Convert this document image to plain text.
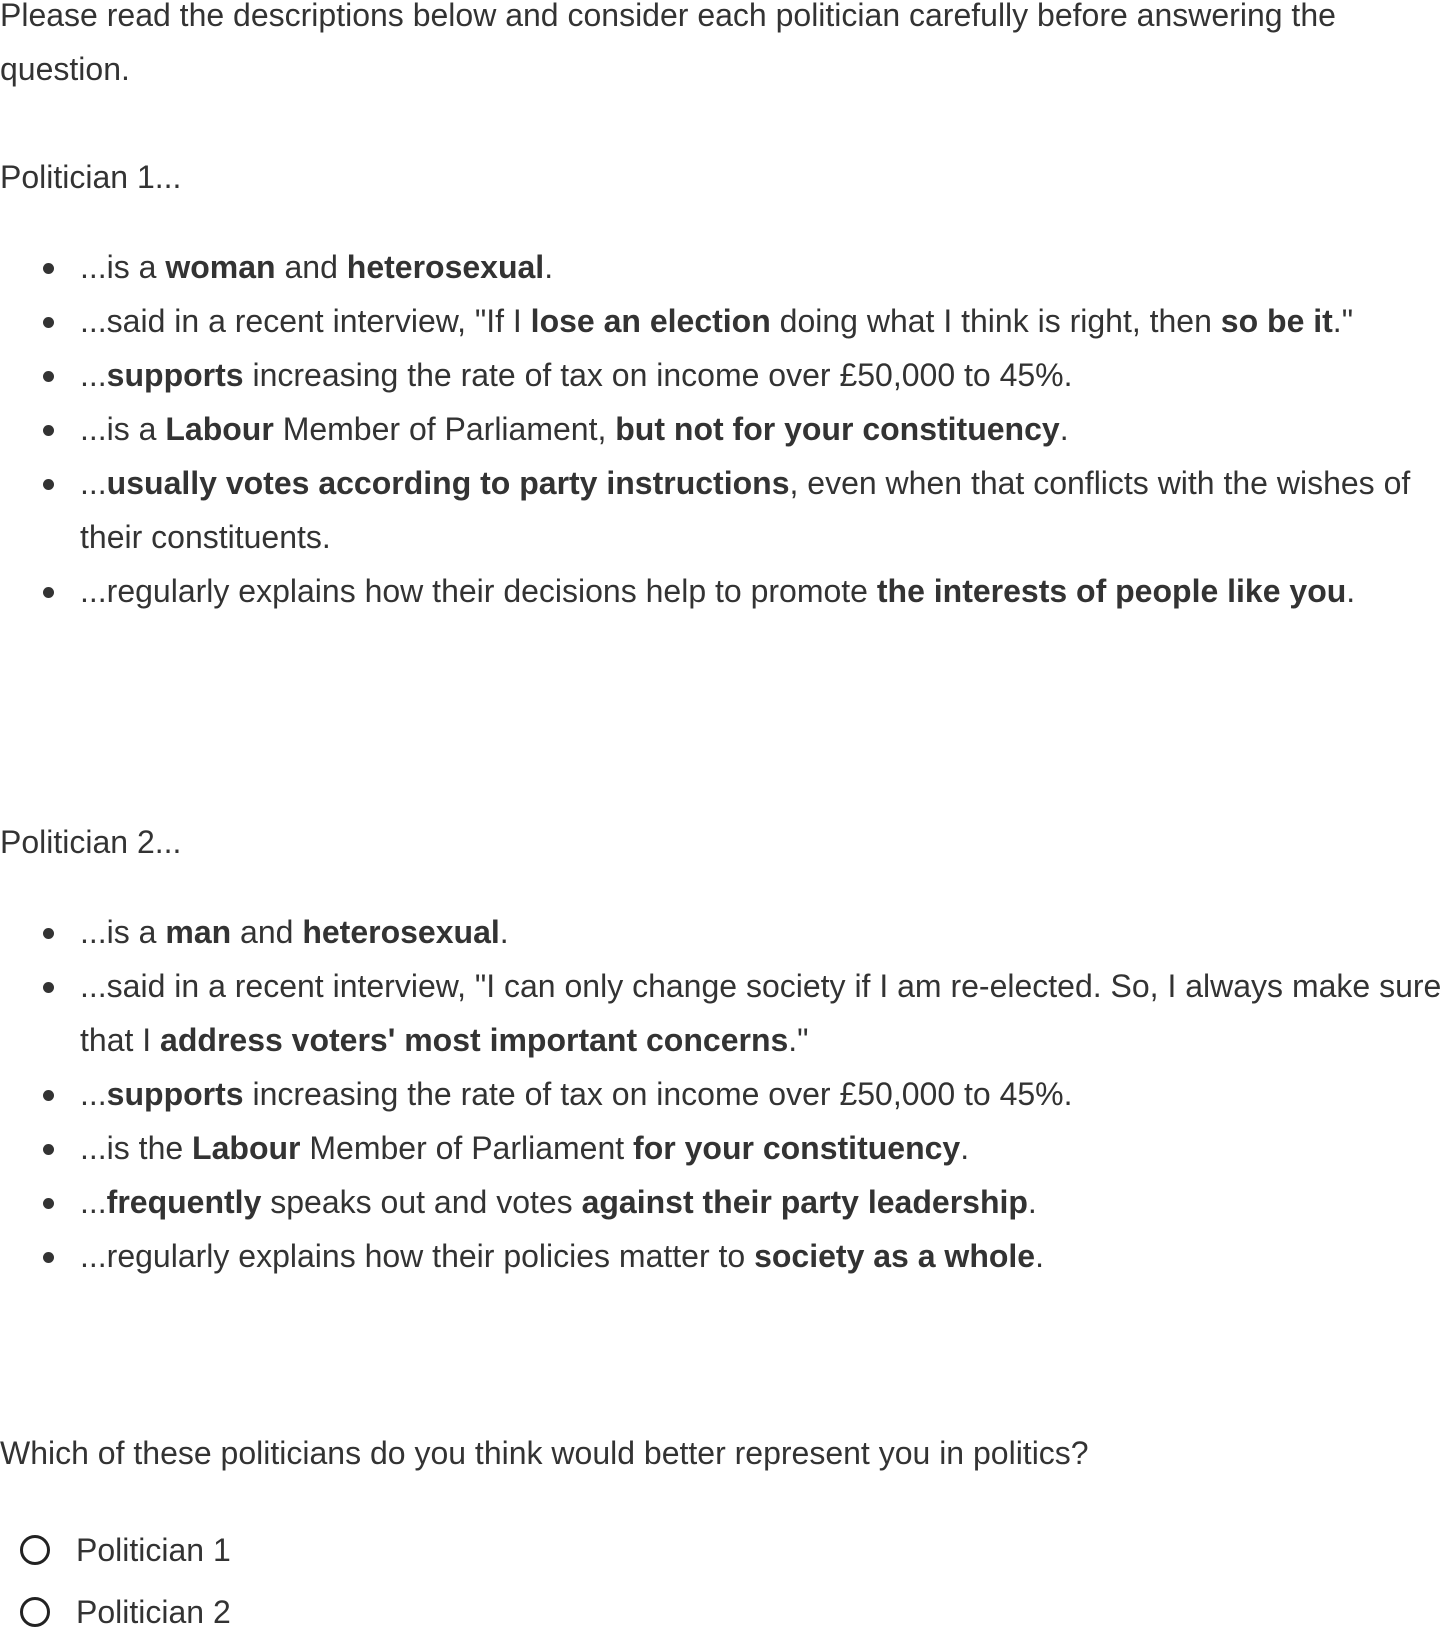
Please read the descriptions below and consider each politician carefully before answering the question.

Politician 1...
...is a woman and heterosexual.
...said in a recent interview, "If I lose an election doing what I think is right, then so be it."
...supports increasing the rate of tax on income over £50,000 to 45%.
...is a Labour Member of Parliament, but not for your constituency.
...usually votes according to party instructions, even when that conflicts with the wishes of their constituents.
...regularly explains how their decisions help to promote the interests of people like you.
Politician 2...
...is a man and heterosexual.
...said in a recent interview, "I can only change society if I am re-elected. So, I always make sure that I address voters' most important concerns."
...supports increasing the rate of tax on income over £50,000 to 45%.
...is the Labour Member of Parliament for your constituency.
...frequently speaks out and votes against their party leadership.
...regularly explains how their policies matter to society as a whole.

Which of these politicians do you think would better represent you in politics?

Politician 1
Politician 2
